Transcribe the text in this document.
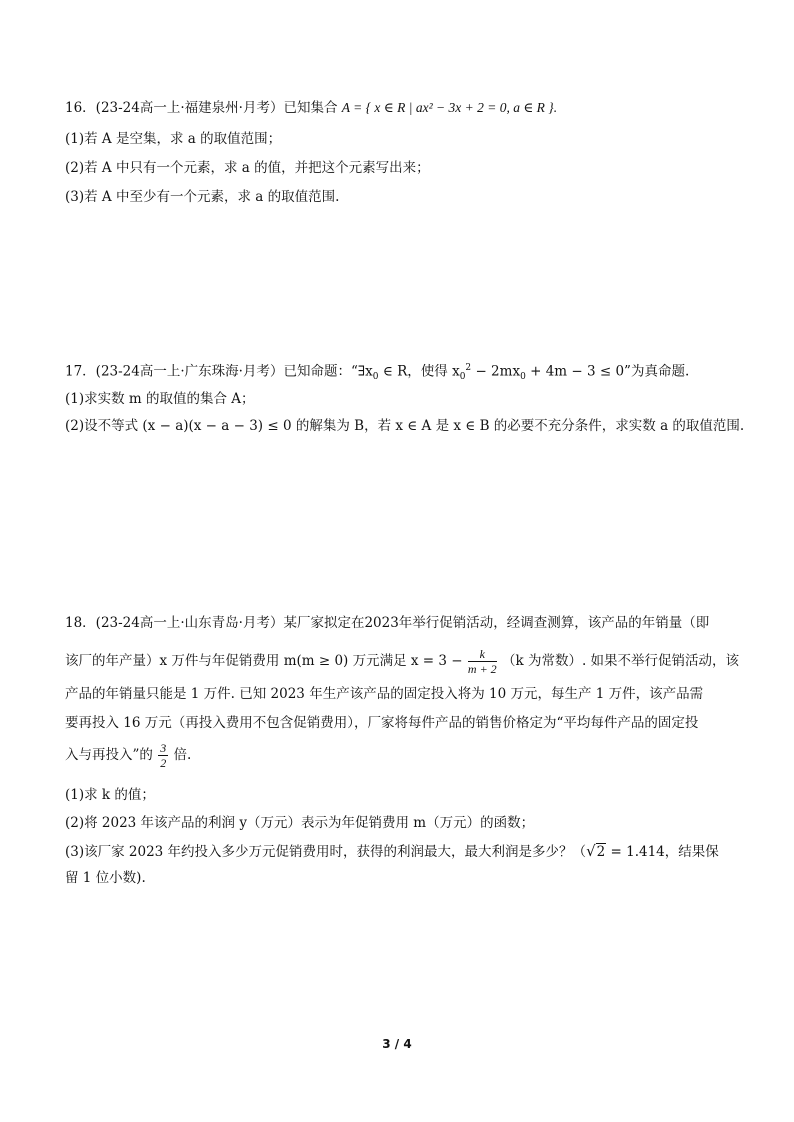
16．(23-24高一上·福建泉州·月考）已知集合 A = { x ∈ R | ax² − 3x + 2 = 0, a ∈ R }.
(1)若 A 是空集，求 a 的取值范围；
(2)若 A 中只有一个元素，求 a 的值，并把这个元素写出来；
(3)若 A 中至少有一个元素，求 a 的取值范围.
17．(23-24高一上·广东珠海·月考）已知命题：“$\exists x_0$ ∈ R，使得 $x_0^2 - 2mx_0 + 4m - 3 \le 0$”为真命题.
(1)求实数 m 的取值的集合 A；
(2)设不等式 (x − a)(x − a − 3) ≤ 0 的解集为 B，若 x ∈ A 是 x ∈ B 的必要不充分条件，求实数 a 的取值范围.
18．(23-24高一上·山东青岛·月考）某厂家拟定在2023年举行促销活动，经调查测算，该产品的年销量（即
该厂的年产量）x 万件与年促销费用 m(m ≥ 0) 万元满足 $x = 3 - \frac{k}{m + 2} (k$ 为常数）. 如果不举行促销活动，该
产品的年销量只能是 1 万件. 已知 2023 年生产该产品的固定投入将为 10 万元，每生产 1 万件，该产品需
要再投入 16 万元（再投入费用不包含促销费用），厂家将每件产品的销售价格定为“平均每件产品的固定投
入与再投入”的 $\frac{3}{2}$ 倍.
(1)求 k 的值；
(2)将 2023 年该产品的利润 y（万元）表示为年促销费用 m（万元）的函数；
(3)该厂家 2023 年约投入多少万元促销费用时，获得的利润最大，最大利润是多少？（√2 = 1.414，结果保
留 1 位小数).
3 / 4
